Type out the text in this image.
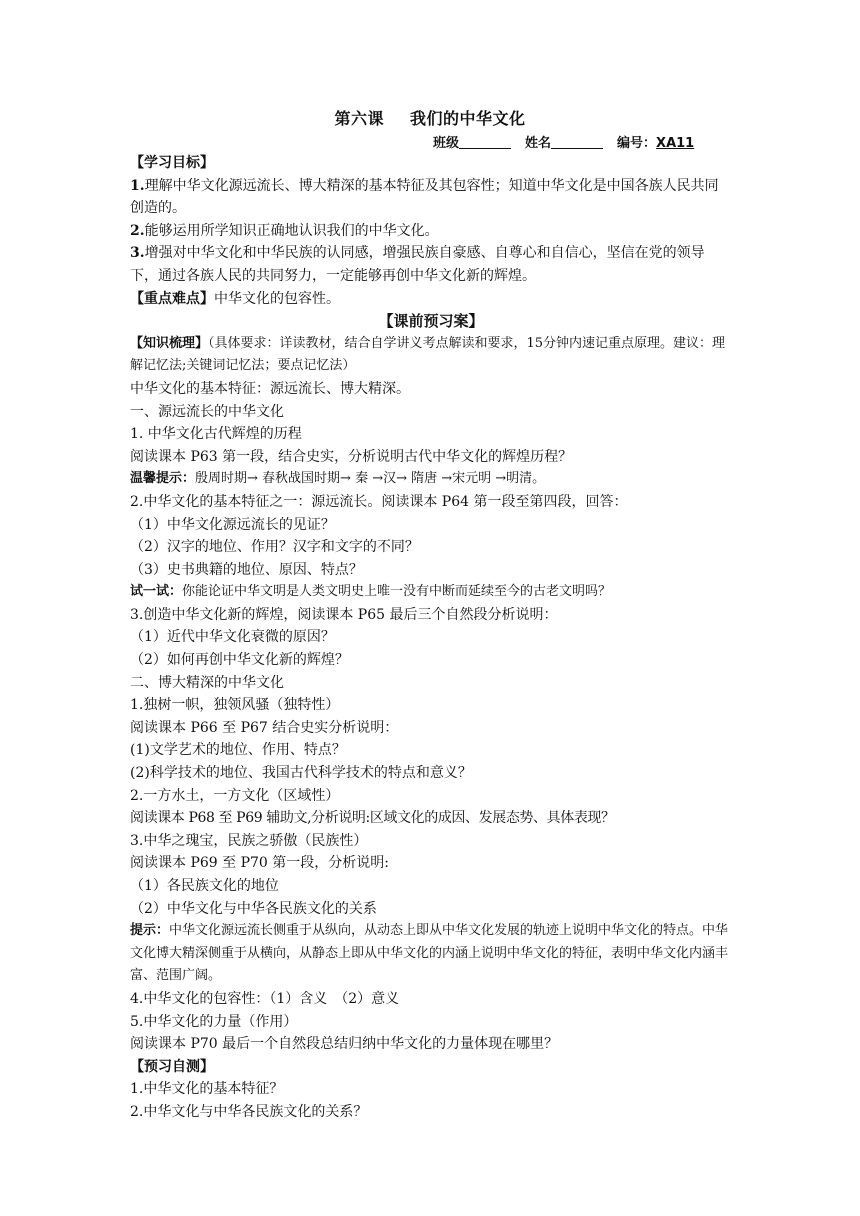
第六课 我们的中华文化
班级	姓名	编号：XA11

【学习目标】

1.理解中华文化源远流长、博大精深的基本特征及其包容性；知道中华文化是中国各族人民共同创造的。

2.能够运用所学知识正确地认识我们的中华文化。

3.增强对中华文化和中华民族的认同感，增强民族自豪感、自尊心和自信心，坚信在党的领导下，通过各族人民的共同努力，一定能够再创中华文化新的辉煌。

【重点难点】中华文化的包容性。

【课前预习案】

【知识梳理】（具体要求：详读教材，结合自学讲义考点解读和要求，15分钟内速记重点原理。建议：理解记忆法;关键词记忆法；要点记忆法）

中华文化的基本特征：源远流长、博大精深。

一、源远流长的中华文化

1. 中华文化古代辉煌的历程

阅读课本 P63 第一段，结合史实，分析说明古代中华文化的辉煌历程？

温馨提示：殷周时期→ 春秋战国时期→ 秦 →汉→ 隋唐 →宋元明 →明清。

2.中华文化的基本特征之一：源远流长。阅读课本 P64 第一段至第四段，回答：

（1）中华文化源远流长的见证？

（2）汉字的地位、作用？汉字和文字的不同？

（3）史书典籍的地位、原因、特点？

试一试：你能论证中华文明是人类文明史上唯一没有中断而延续至今的古老文明吗？

3.创造中华文化新的辉煌，阅读课本 P65 最后三个自然段分析说明：

（1）近代中华文化衰微的原因？

（2）如何再创中华文化新的辉煌？

二、博大精深的中华文化

1.独树一帜，独领风骚（独特性）

阅读课本 P66 至 P67 结合史实分析说明：

(1)文学艺术的地位、作用、特点？

(2)科学技术的地位、我国古代科学技术的特点和意义？

2.一方水土，一方文化（区域性）

阅读课本 P68 至 P69 辅助文,分析说明:区域文化的成因、发展态势、具体表现？

3.中华之瑰宝，民族之骄傲（民族性）

阅读课本 P69 至 P70 第一段，分析说明:

（1）各民族文化的地位

（2）中华文化与中华各民族文化的关系

提示：中华文化源远流长侧重于从纵向，从动态上即从中华文化发展的轨迹上说明中华文化的特点。中华文化博大精深侧重于从横向，从静态上即从中华文化的内涵上说明中华文化的特征，表明中华文化内涵丰富、范围广阔。

4.中华文化的包容性：（1）含义　（2）意义

5.中华文化的力量（作用）

阅读课本 P70 最后一个自然段总结归纳中华文化的力量体现在哪里？

【预习自测】

1.中华文化的基本特征？

2.中华文化与中华各民族文化的关系？
